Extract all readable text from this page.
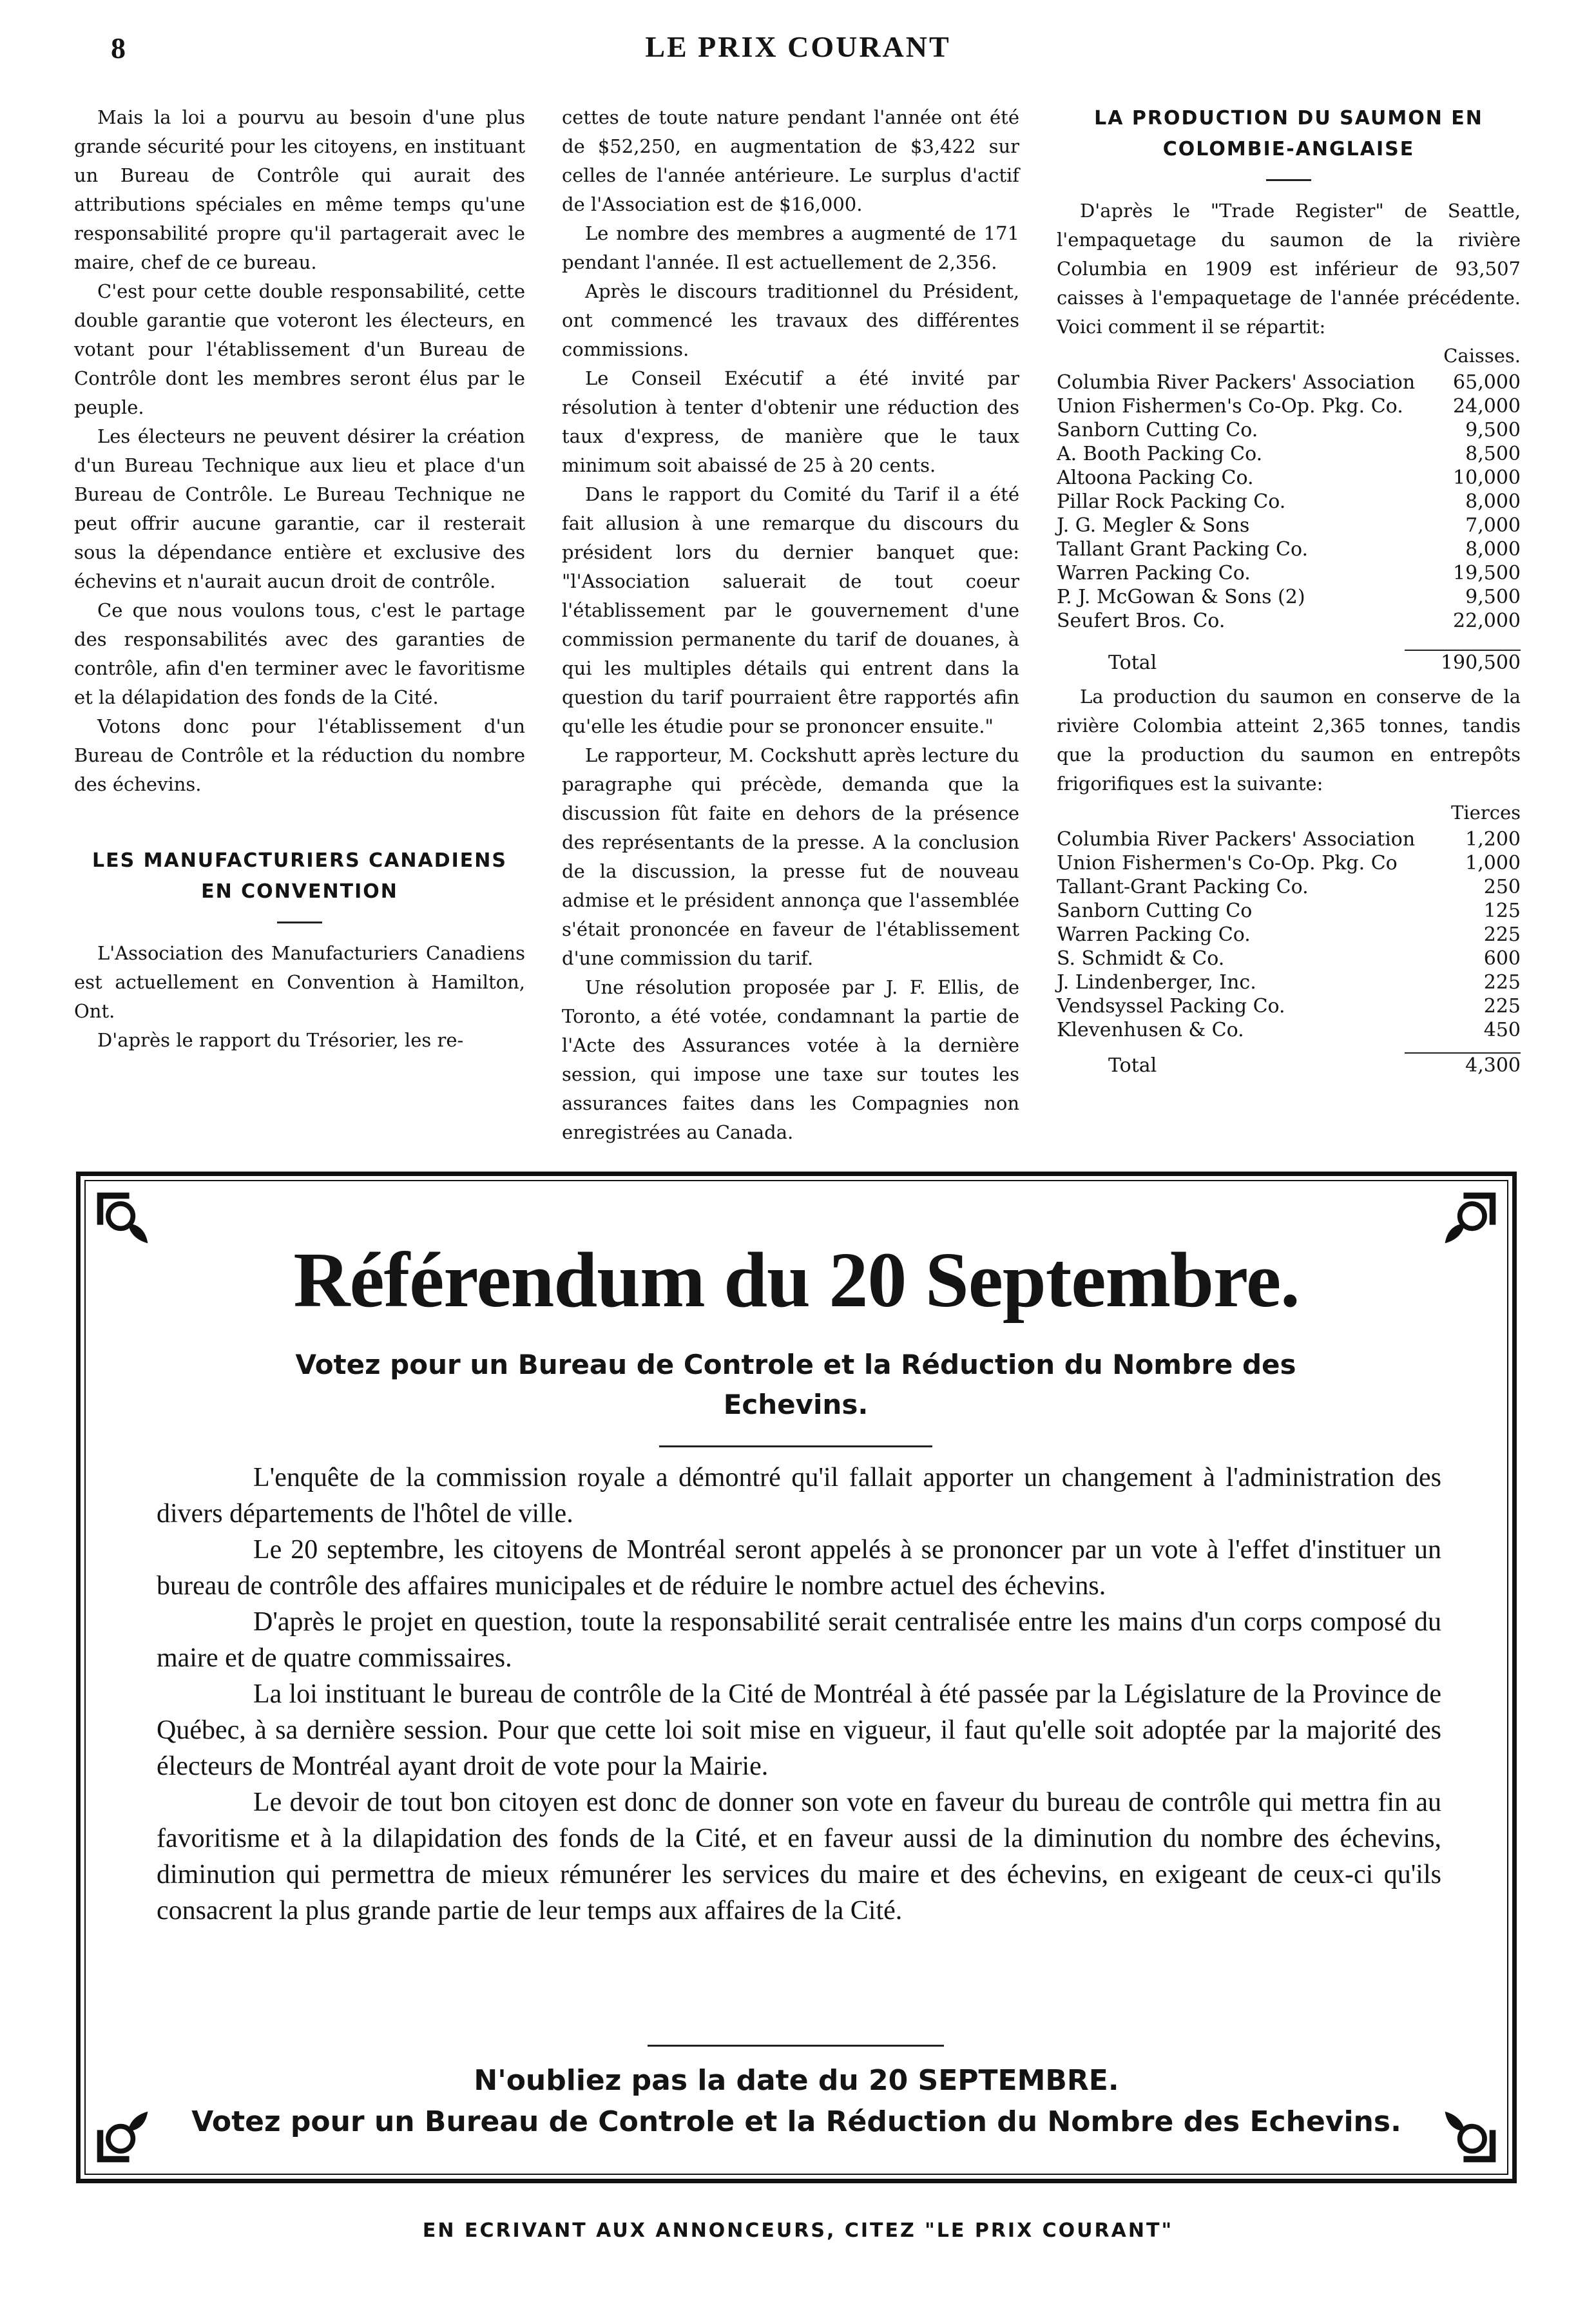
8	LE PRIX COURANT

Mais la loi a pourvu au besoin d'une plus grande sécurité pour les citoyens, en instituant un Bureau de Contrôle qui aurait des attributions spéciales en même temps qu'une responsabilité propre qu'il partagerait avec le maire, chef de ce bureau.

C'est pour cette double responsabilité, cette double garantie que voteront les électeurs, en votant pour l'établissement d'un Bureau de Contrôle dont les membres seront élus par le peuple.

Les électeurs ne peuvent désirer la création d'un Bureau Technique aux lieu et place d'un Bureau de Contrôle. Le Bureau Technique ne peut offrir aucune garantie, car il resterait sous la dépendance entière et exclusive des échevins et n'aurait aucun droit de contrôle.

Ce que nous voulons tous, c'est le partage des responsabilités avec des garanties de contrôle, afin d'en terminer avec le favoritisme et la délapidation des fonds de la Cité.

Votons donc pour l'établissement d'un Bureau de Contrôle et la réduction du nombre des échevins.

LES MANUFACTURIERS CANADIENS EN CONVENTION

L'Association des Manufacturiers Canadiens est actuellement en Convention à Hamilton, Ont.

D'après le rapport du Trésorier, les re-

cettes de toute nature pendant l'année ont été de $52,250, en augmentation de $3,422 sur celles de l'année antérieure. Le surplus d'actif de l'Association est de $16,000.

Le nombre des membres a augmenté de 171 pendant l'année. Il est actuellement de 2,356.

Après le discours traditionnel du Président, ont commencé les travaux des différentes commissions.

Le Conseil Exécutif a été invité par résolution à tenter d'obtenir une réduction des taux d'express, de manière que le taux minimum soit abaissé de 25 à 20 cents.

Dans le rapport du Comité du Tarif il a été fait allusion à une remarque du discours du président lors du dernier banquet que: "l'Association saluerait de tout coeur l'établissement par le gouvernement d'une commission permanente du tarif de douanes, à qui les multiples détails qui entrent dans la question du tarif pourraient être rapportés afin qu'elle les étudie pour se prononcer ensuite."

Le rapporteur, M. Cockshutt après lecture du paragraphe qui précède, demanda que la discussion fût faite en dehors de la présence des représentants de la presse. A la conclusion de la discussion, la presse fut de nouveau admise et le président annonça que l'assemblée s'était prononcée en faveur de l'établissement d'une commission du tarif.

Une résolution proposée par J. F. Ellis, de Toronto, a été votée, condamnant la partie de l'Acte des Assurances votée à la dernière session, qui impose une taxe sur toutes les assurances faites dans les Compagnies non enregistrées au Canada.

LA PRODUCTION DU SAUMON EN COLOMBIE-ANGLAISE

D'après le "Trade Register" de Seattle, l'empaquetage du saumon de la rivière Columbia en 1909 est inférieur de 93,507 caisses à l'empaquetage de l'année précédente. Voici comment il se répartit:

Caisses.
Columbia River Packers' Association	65,000
Union Fishermen's Co-Op. Pkg. Co.	24,000
Sanborn Cutting Co.	9,500
A. Booth Packing Co.	8,500
Altoona Packing Co.	10,000
Pillar Rock Packing Co.	8,000
J. G. Megler & Sons	7,000
Tallant Grant Packing Co.	8,000
Warren Packing Co.	19,500
P. J. McGowan & Sons (2)	9,500
Seufert Bros. Co.	22,000
Total	190,500

La production du saumon en conserve de la rivière Colombia atteint 2,365 tonnes, tandis que la production du saumon en entrepôts frigorifiques est la suivante:

Tierces
Columbia River Packers' Association	1,200
Union Fishermen's Co-Op. Pkg. Co	1,000
Tallant-Grant Packing Co.	250
Sanborn Cutting Co	125
Warren Packing Co.	225
S. Schmidt & Co.	600
J. Lindenberger, Inc.	225
Vendsyssel Packing Co.	225
Klevenhusen & Co.	450
Total	4,300
Référendum du 20 Septembre.
Votez pour un Bureau de Controle et la Réduction du Nombre des Echevins.

L'enquête de la commission royale a démontré qu'il fallait apporter un changement à l'administration des divers départements de l'hôtel de ville.

Le 20 septembre, les citoyens de Montréal seront appelés à se prononcer par un vote à l'effet d'instituer un bureau de contrôle des affaires municipales et de réduire le nombre actuel des échevins.

D'après le projet en question, toute la responsabilité serait centralisée entre les mains d'un corps composé du maire et de quatre commissaires.

La loi instituant le bureau de contrôle de la Cité de Montréal à été passée par la Législature de la Province de Québec, à sa dernière session. Pour que cette loi soit mise en vigueur, il faut qu'elle soit adoptée par la majorité des électeurs de Montréal ayant droit de vote pour la Mairie.

Le devoir de tout bon citoyen est donc de donner son vote en faveur du bureau de contrôle qui mettra fin au favoritisme et à la dilapidation des fonds de la Cité, et en faveur aussi de la diminution du nombre des échevins, diminution qui permettra de mieux rémunérer les services du maire et des échevins, en exigeant de ceux-ci qu'ils consacrent la plus grande partie de leur temps aux affaires de la Cité.

N'oubliez pas la date du 20 SEPTEMBRE.
Votez pour un Bureau de Controle et la Réduction du Nombre des Echevins.
EN ECRIVANT AUX ANNONCEURS, CITEZ "LE PRIX COURANT"
